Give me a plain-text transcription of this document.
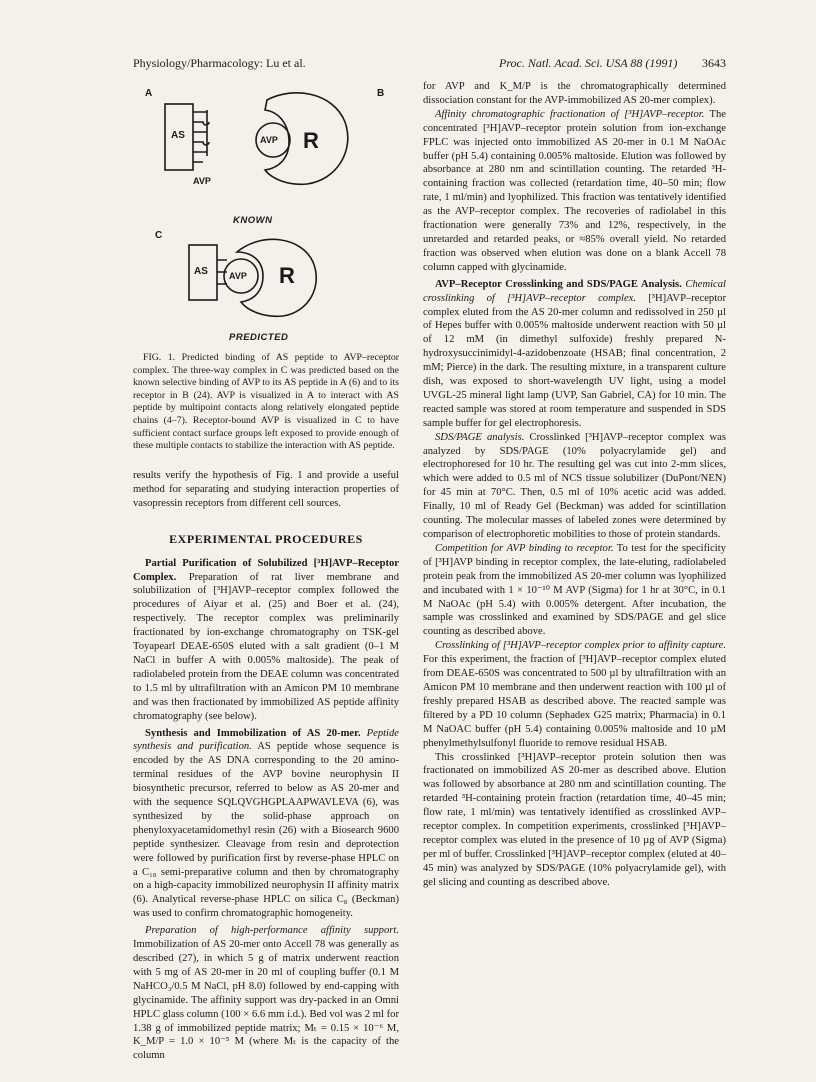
Physiology/Pharmacology: Lu et al.	Proc. Natl. Acad. Sci. USA 88 (1991)	3643
A	B
C
AS
AVP
AVP R
KNOWN
AS AVP R
PREDICTED

FIG. 1. Predicted binding of AS peptide to AVP–receptor complex. The three-way complex in C was predicted based on the known selective binding of AVP to its AS peptide in A (6) and to its receptor in B (24). AVP is visualized in A to interact with AS peptide by multipoint contacts along relatively elongated peptide chains (4–7). Receptor-bound AVP is visualized in C to have sufficient contact surface groups left exposed to provide enough of these multiple contacts to stabilize the interaction with AS peptide.

results verify the hypothesis of Fig. 1 and provide a useful method for separating and studying interaction properties of vasopressin receptors from different cell sources.

EXPERIMENTAL PROCEDURES

Partial Purification of Solubilized [³H]AVP–Receptor Complex. Preparation of rat liver membrane and solubilization of [³H]AVP–receptor complex followed the procedures of Aiyar et al. (25) and Boer et al. (24), respectively. The receptor complex was preliminarily fractionated by ion-exchange chromatography on TSK-gel Toyapearl DEAE-650S eluted with a salt gradient (0–1 M NaCl in buffer A with 0.005% maltoside). The peak of radiolabeled protein from the DEAE column was concentrated to 1.5 ml by ultrafiltration with an Amicon PM 10 membrane and was then fractionated by immobilized AS peptide affinity chromatography (see below).

Synthesis and Immobilization of AS 20-mer. Peptide synthesis and purification. AS peptide whose sequence is encoded by the AS DNA corresponding to the 20 amino-terminal residues of the AVP bovine neurophysin II biosynthetic precursor, referred to below as AS 20-mer and with the sequence SQLQVGHGPLAAPWAVLEVA (6), was synthesized by the solid-phase approach on phenyloxyacetamidomethyl resin (26) with a Biosearch 9600 peptide synthesizer. Cleavage from resin and deprotection were followed by purification first by reverse-phase HPLC on a C₁₈ semi-preparative column and then by chromatography on a high-capacity immobilized neurophysin II affinity matrix (6). Analytical reverse-phase HPLC on silica C₈ (Beckman) was used to confirm chromatographic homogeneity.

Preparation of high-performance affinity support. Immobilization of AS 20-mer onto Accell 78 was generally as described (27), in which 5 g of matrix underwent reaction with 5 mg of AS 20-mer in 20 ml of coupling buffer (0.1 M NaHCO₃/0.5 M NaCl, pH 8.0) followed by end-capping with glycinamide. The affinity support was dry-packed in an Omni HPLC glass column (100 × 6.6 mm i.d.). Bed vol was 2 ml for 1.38 g of immobilized peptide matrix; Mₜ = 0.15 × 10⁻⁶ M, K_M/P = 1.0 × 10⁻⁵ M (where Mₜ is the capacity of the column

for AVP and K_M/P is the chromatographically determined dissociation constant for the AVP-immobilized AS 20-mer complex).

Affinity chromatographic fractionation of [³H]AVP–receptor. The concentrated [³H]AVP–receptor protein solution from ion-exchange FPLC was injected onto immobilized AS 20-mer in 0.1 M NaOAc buffer (pH 5.4) containing 0.005% maltoside. Elution was followed by absorbance at 280 nm and scintillation counting. The retarded ³H-containing fraction was collected (retardation time, 40–50 min; flow rate, 1 ml/min) and lyophilized. This fraction was tentatively identified as the AVP–receptor complex. The recoveries of radiolabel in this fractionation were generally 73% and 12%, respectively, in the unretarded and retarded peaks, or ≈85% overall yield. No retarded fraction was observed when elution was done on a blank Accell 78 column capped with glycinamide.

AVP–Receptor Crosslinking and SDS/PAGE Analysis. Chemical crosslinking of [³H]AVP–receptor complex. [³H]AVP–receptor complex eluted from the AS 20-mer column and redissolved in 250 µl of Hepes buffer with 0.005% maltoside underwent reaction with 50 µl of 12 mM (in dimethyl sulfoxide) freshly prepared N-hydroxysuccinimidyl-4-azidobenzoate (HSAB; final concentration, 2 mM; Pierce) in the dark. The resulting mixture, in a transparent culture dish, was exposed to short-wavelength UV light, using a model UVGL-25 mineral light lamp (UVP, San Gabriel, CA) for 10 min. The reacted sample was stored at room temperature and suspended in SDS sample buffer for gel electrophoresis.

SDS/PAGE analysis. Crosslinked [³H]AVP–receptor complex was analyzed by SDS/PAGE (10% polyacrylamide gel) and electrophoresed for 10 hr. The resulting gel was cut into 2-mm slices, which were added to 0.5 ml of NCS tissue solubilizer (DuPont/NEN) for 45 min at 70°C. Then, 0.5 ml of 10% acetic acid was added. Finally, 10 ml of Ready Gel (Beckman) was added for scintillation counting. The molecular masses of labeled zones were determined by comparison of electrophoretic mobilities to those of protein standards.

Competition for AVP binding to receptor. To test for the specificity of [³H]AVP binding in receptor complex, the late-eluting, radiolabeled protein peak from the immobilized AS 20-mer column was lyophilized and incubated with 1 × 10⁻¹⁰ M AVP (Sigma) for 1 hr at 30°C, in 0.1 M NaOAc (pH 5.4) with 0.005% detergent. After incubation, the sample was crosslinked and examined by SDS/PAGE and gel slice counting as described above.

Crosslinking of [³H]AVP–receptor complex prior to affinity capture. For this experiment, the fraction of [³H]AVP–receptor complex eluted from DEAE-650S was concentrated to 500 µl by ultrafiltration with an Amicon PM 10 membrane and then underwent reaction with 100 µl of freshly prepared HSAB as described above. The reacted sample was filtered by a PD 10 column (Sephadex G25 matrix; Pharmacia) in 0.1 M NaOAC buffer (pH 5.4) containing 0.005% maltoside and 10 µM phenylmethylsulfonyl fluoride to remove residual HSAB.

This crosslinked [³H]AVP–receptor protein solution then was fractionated on immobilized AS 20-mer as described above. Elution was followed by absorbance at 280 nm and scintillation counting. The retarded ³H-containing protein fraction (retardation time, 40–45 min; flow rate, 1 ml/min) was tentatively identified as crosslinked AVP–receptor complex. In competition experiments, crosslinked [³H]AVP–receptor complex was eluted in the presence of 10 µg of AVP (Sigma) per ml of buffer. Crosslinked [³H]AVP–receptor complex (eluted at 40–45 min) was analyzed by SDS/PAGE (10% polyacrylamide gel), with gel slicing and counting as described above.
